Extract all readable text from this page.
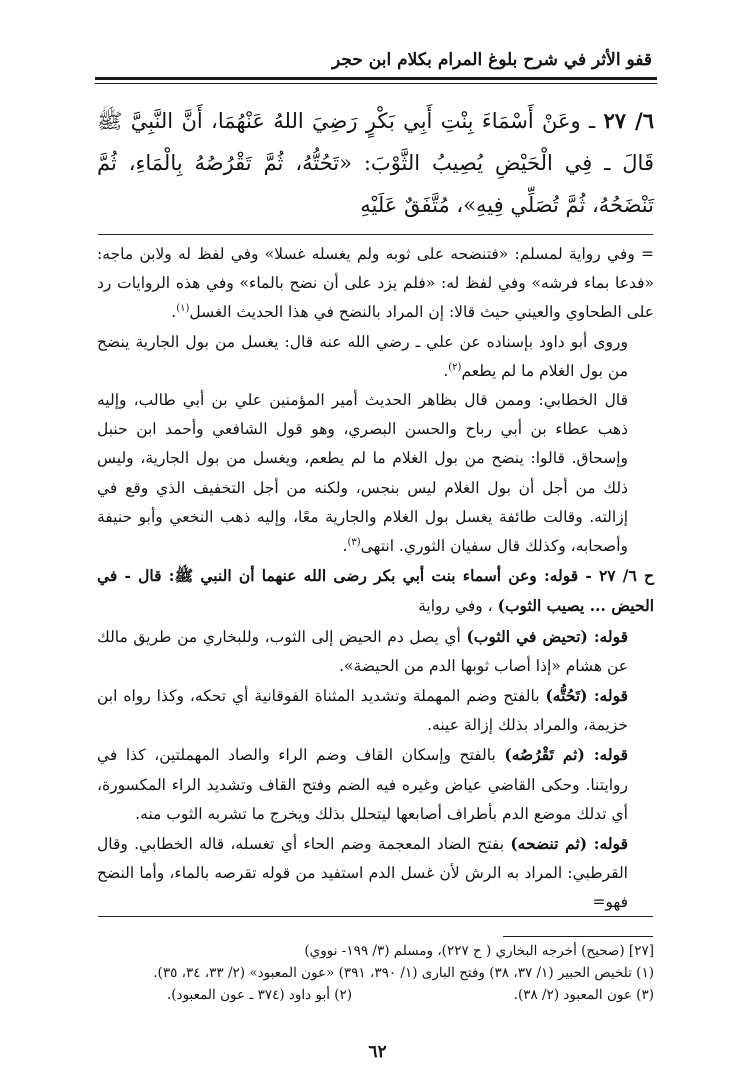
قفو الأثر في شرح بلوغ المرام بكلام ابن حجر
٦/ ٢٧ ـ وعَنْ أَسْمَاءَ بِنْتِ أَبِي بَكْرٍ رَضِيَ اللهُ عَنْهُمَا، أَنَّ النَّبِيَّ ﷺ قَالَ ـ فِي الْحَيْضِ يُصِيبُ الثَّوْبَ: «تَحُتُّهُ، ثُمَّ تَقْرُصُهُ بِالْمَاءِ، ثُمَّ تَنْضَحُهُ، ثُمَّ تُصَلِّي فِيهِ»، مُتَّفَقٌ عَلَيْهِ

= وفي رواية لمسلم: «فتنضحه على ثوبه ولم يغسله غسلا» وفي لفظ له ولابن ماجه: «فدعا بماء فرشه» وفي لفظ له: «فلم يزد على أن نضح بالماء» وفي هذه الروايات رد على الطحاوي والعيني حيث قالا: إن المراد بالنضح في هذا الحديث الغسل$^{(١)}$.

وروى أبو داود بإسناده عن علي ـ رضي الله عنه قال: يغسل من بول الجارية ينضح من بول الغلام ما لم يطعم$^{(٢)}$.

قال الخطابي: وممن قال بظاهر الحديث أمير المؤمنين علي بن أبي طالب، وإليه ذهب عطاء بن أبي رباح والحسن البصري، وهو قول الشافعي وأحمد ابن حنبل وإسحاق. قالوا: ينضح من بول الغلام ما لم يطعم، ويغسل من بول الجارية، وليس ذلك من أجل أن بول الغلام ليس بنجس، ولكنه من أجل التخفيف الذي وقع في إزالته. وقالت طائفة يغسل بول الغلام والجارية معًا، وإليه ذهب النخعي وأبو حنيفة وأصحابه، وكذلك قال سفيان الثوري. انتهى$^{(٣)}$.

ح ٦/ ٢٧ - قوله: وعن أسماء بنت أبي بكر رضى الله عنهما أن النبي ﷺ: قال - في الحيض ... يصيب الثوب) ، وفي رواية

قوله: (تحيض في الثوب) أي يصل دم الحيض إلى الثوب، وللبخاري من طريق مالك عن هشام «إذا أصاب ثوبها الدم من الحيضة».

قوله: (تَحُتُّه) بالفتح وضم المهملة وتشديد المثناة الفوقانية أي تحكه، وكذا رواه ابن خزيمة، والمراد بذلك إزالة عينه.

قوله: (ثم تَقْرُصُه) بالفتح وإسكان القاف وضم الراء والصاد المهملتين، كذا في روايتنا. وحكى القاضي عياض وغيره فيه الضم وفتح القاف وتشديد الراء المكسورة، أي تدلك موضع الدم بأطراف أصابعها ليتحلل بذلك ويخرج ما تشربه الثوب منه.

قوله: (ثم تنضحه) بفتح الضاد المعجمة وضم الحاء أي تغسله، قاله الخطابي. وقال القرطبي: المراد به الرش لأن غسل الدم استفيد من قوله تقرصه بالماء، وأما النضح فهو=

[٢٧] (صحيح) أخرجه البخاري ( ح ٢٢٧)، ومسلم (٣/ ١٩٩- نووي)

(١) تلخيص الحبير (١/ ٣٧، ٣٨) وفتح البارى (١/ ٣٩٠، ٣٩١) «عون المعبود» (٢/ ٣٣، ٣٤، ٣٥).

(٢) أبو داود (٣٧٤ ـ عون المعبود).	(٣) عون المعبود (٢/ ٣٨).
٦٢
